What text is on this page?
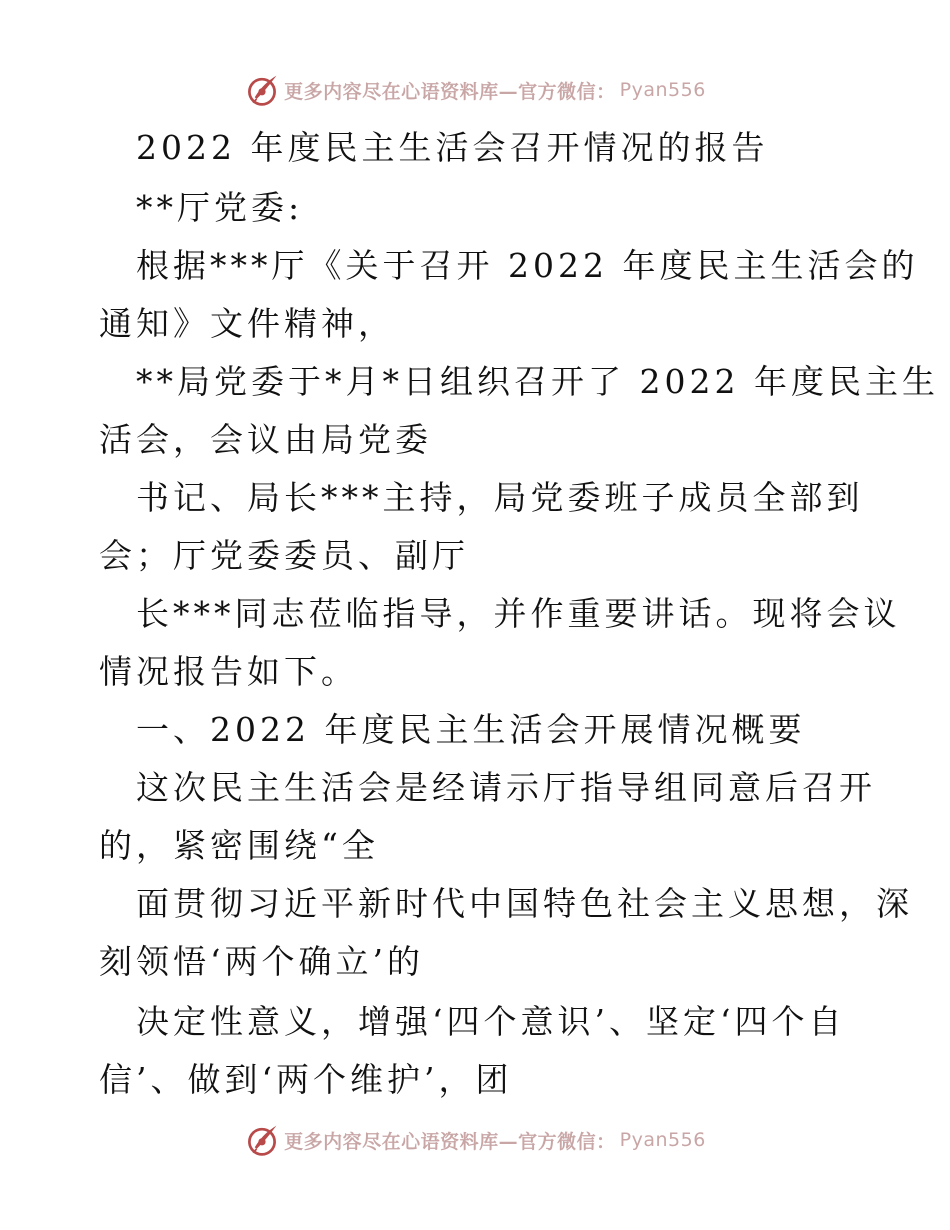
更多内容尽在心语资料库—官方微信： Pyan556
2022 年度民主生活会召开情况的报告
**厅党委:
根据***厅《关于召开 2022 年度民主生活会的
通知》文件精神，
**局党委于*月*日组织召开了 2022 年度民主生
活会，会议由局党委
书记、局长***主持，局党委班子成员全部到
会；厅党委委员、副厅
长***同志莅临指导，并作重要讲话。现将会议
情况报告如下。
一、2022 年度民主生活会开展情况概要
这次民主生活会是经请示厅指导组同意后召开
的，紧密围绕“全
面贯彻习近平新时代中国特色社会主义思想，深
刻领悟‘两个确立’的
决定性意义，增强‘四个意识’、坚定‘四个自
信’、做到‘两个维护’，团
更多内容尽在心语资料库—官方微信： Pyan556
